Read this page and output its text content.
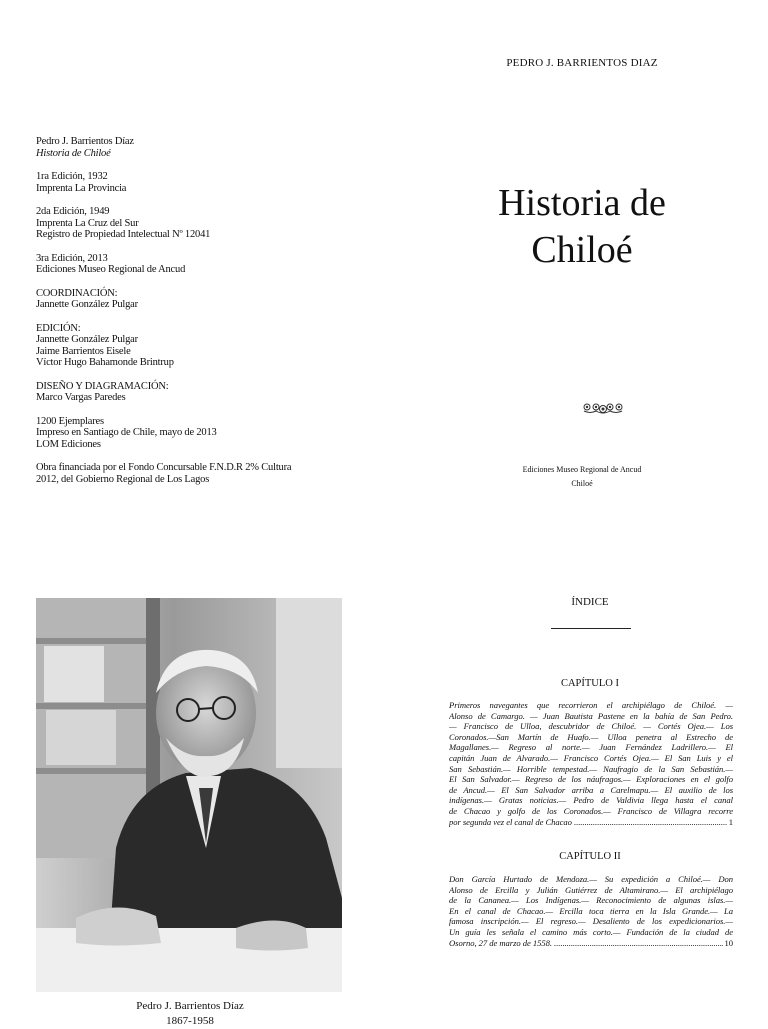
Pedro J. Barrientos Díaz
Historia de Chiloé
1ra Edición, 1932
Imprenta La Provincia
2da Edición, 1949
Imprenta La Cruz del Sur
Registro de Propiedad Intelectual Nº 12041
3ra Edición, 2013
Ediciones Museo Regional de Ancud
COORDINACIÓN:
Jannette González Pulgar
EDICIÓN:
Jannette González Pulgar
Jaime Barrientos Eisele
Víctor Hugo Bahamonde Brintrup
DISEÑO Y DIAGRAMACIÓN:
Marco Vargas Paredes
1200 Ejemplares
Impreso en Santiago de Chile, mayo de 2013
LOM Ediciones
Obra financiada por el Fondo Concursable F.N.D.R 2% Cultura
2012, del Gobierno Regional de Los Lagos
PEDRO J. BARRIENTOS DIAZ
Historia de
Chiloé
Ediciones Museo Regional de Ancud
Chiloé
Pedro J. Barrientos Díaz
1867-1958
ÍNDICE
CAPÍTULO I
Primeros navegantes que recorrieron el archipiélago de Chiloé. —
Alonso de Camargo. — Juan Bautista Pastene en la bahía de San Pedro.
— Francisco de Ulloa, descubridor de Chiloé. — Cortés Ojea.— Los
Coronados.—San Martín de Huafo.— Ulloa penetra al Estrecho de
Magallanes.— Regreso al norte.— Juan Fernández Ladrillero.— El
capitán Juan de Alvarado.— Francisco Cortés Ojea.— El San Luis y el
San Sebastián.— Horrible tempestad.— Naufragio de la San Sebastián.—
El San Salvador.— Regreso de los náufragos.— Exploraciones en el golfo
de Ancud.— El San Salvador arriba a Carelmapu.— El auxilio de los
indígenas.— Gratas noticias.— Pedro de Valdivia llega hasta el canal
de Chacao y golfo de los Coronados.— Francisco de Villagra recorre
por segunda vez el canal de Chacao .....	1
CAPÍTULO II
Don García Hurtado de Mendoza.— Su expedición a Chiloé.— Don
Alonso de Ercilla y Julián Gutiérrez de Altamirano.— El archipiélago
de la Cananea.— Los Indígenas.— Reconocimiento de algunas islas.—
En el canal de Chacao.— Ercilla toca tierra en la Isla Grande.— La
famosa inscripción.— El regreso.— Desaliento de los expedicionarios.—
Un guía les señala el camino más corto.— Fundación de la ciudad de
Osorno, 27 de marzo de 1558. .....	10
